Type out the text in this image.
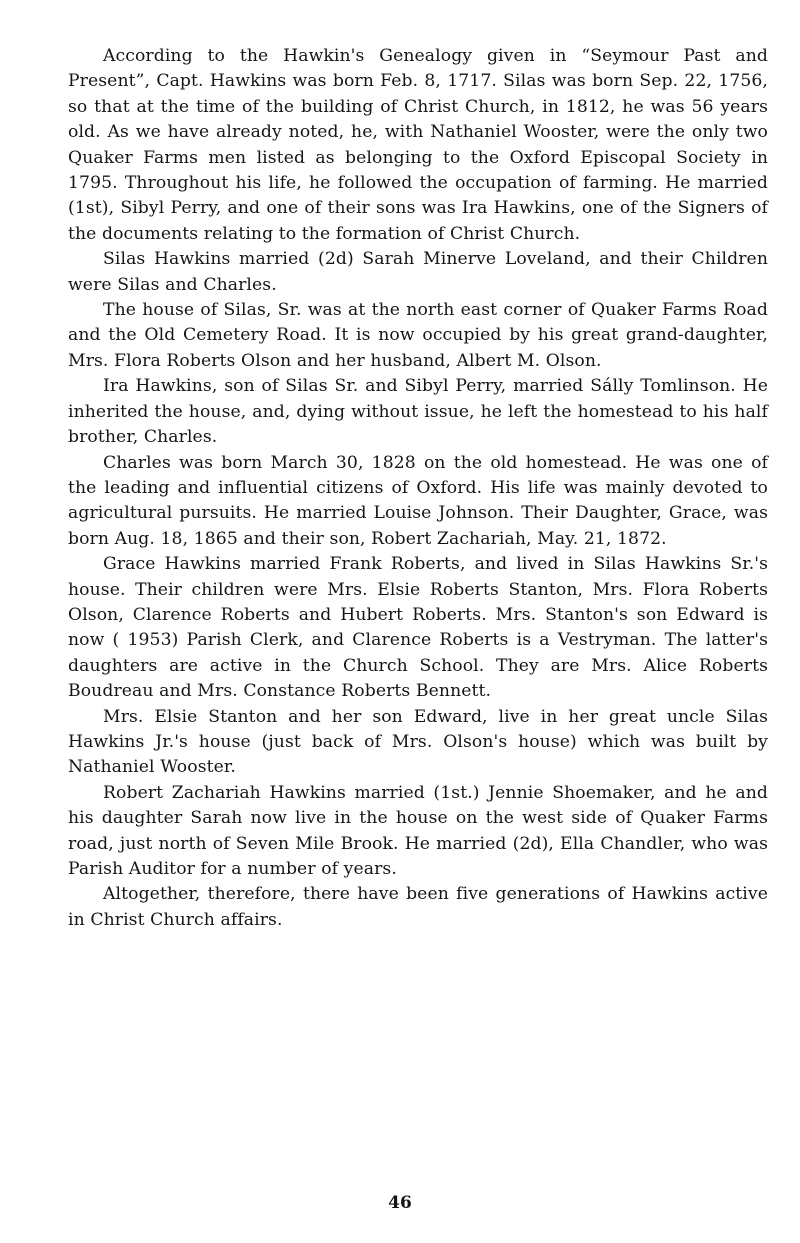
According to the Hawkin's Genealogy given in “Seymour Past and Present”, Capt. Hawkins was born Feb. 8, 1717. Silas was born Sep. 22, 1756, so that at the time of the building of Christ Church, in 1812, he was 56 years old. As we have already noted, he, with Nathaniel Wooster, were the only two Quaker Farms men listed as belonging to the Oxford Episcopal Society in 1795. Throughout his life, he followed the occupation of farming. He married (1st), Sibyl Perry, and one of their sons was Ira Hawkins, one of the Signers of the documents relating to the formation of Christ Church.

Silas Hawkins married (2d) Sarah Minerve Loveland, and their Children were Silas and Charles.

The house of Silas, Sr. was at the north east corner of Quaker Farms Road and the Old Cemetery Road. It is now occupied by his great grand-daughter, Mrs. Flora Roberts Olson and her husband, Albert M. Olson.

Ira Hawkins, son of Silas Sr. and Sibyl Perry, married Sálly Tomlinson. He inherited the house, and, dying without issue, he left the homestead to his half brother, Charles.

Charles was born March 30, 1828 on the old homestead. He was one of the leading and influential citizens of Oxford. His life was mainly devoted to agricultural pursuits. He married Louise Johnson. Their Daughter, Grace, was born Aug. 18, 1865 and their son, Robert Zachariah, May. 21, 1872.

Grace Hawkins married Frank Roberts, and lived in Silas Hawkins Sr.'s house. Their children were Mrs. Elsie Roberts Stanton, Mrs. Flora Roberts Olson, Clarence Roberts and Hubert Roberts. Mrs. Stanton's son Edward is now ( 1953) Parish Clerk, and Clarence Roberts is a Vestryman. The latter's daughters are active in the Church School. They are Mrs. Alice Roberts Boudreau and Mrs. Constance Roberts Bennett.

Mrs. Elsie Stanton and her son Edward, live in her great uncle Silas Hawkins Jr.'s house (just back of Mrs. Olson's house) which was built by Nathaniel Wooster.

Robert Zachariah Hawkins married (1st.) Jennie Shoemaker, and he and his daughter Sarah now live in the house on the west side of Quaker Farms road, just north of Seven Mile Brook. He married (2d), Ella Chandler, who was Parish Auditor for a number of years.

Altogether, therefore, there have been five generations of Hawkins active in Christ Church affairs.

46
